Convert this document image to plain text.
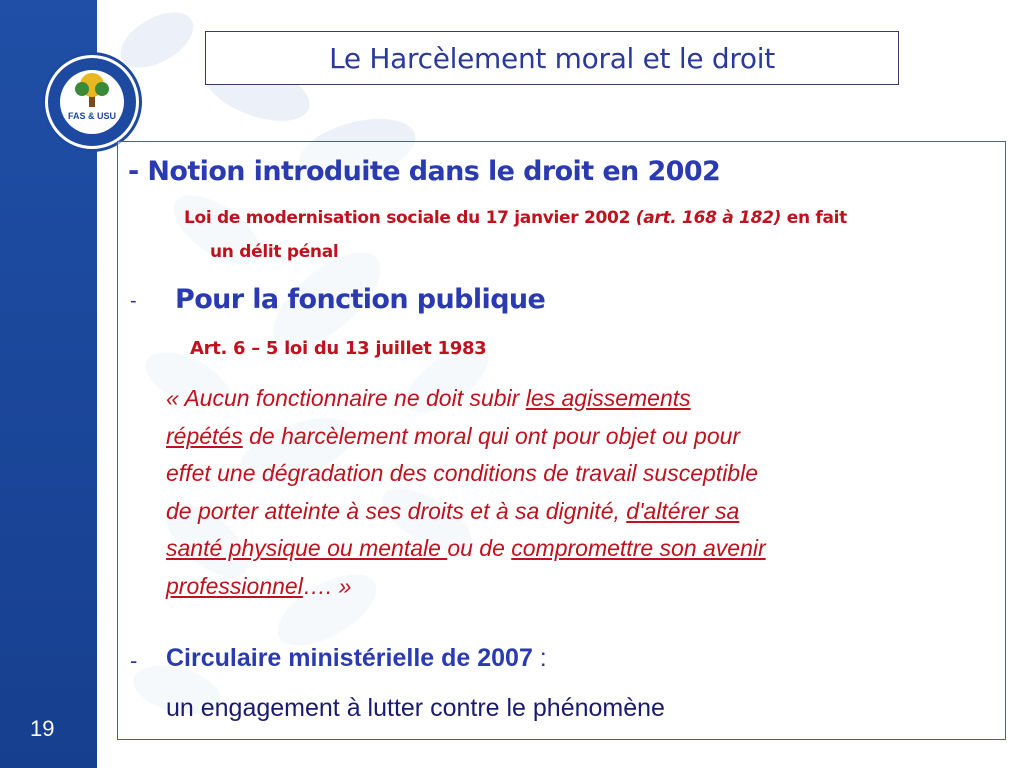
FAS & USU
Le Harcèlement moral et le droit
- Notion introduite dans le droit en 2002
Loi de modernisation sociale du 17 janvier 2002 (art. 168 à 182) en fait
un délit pénal
- Pour la fonction publique
Art. 6 – 5 loi du 13 juillet 1983
« Aucun fonctionnaire ne doit subir les agissements
répétés de harcèlement moral qui ont pour objet ou pour
effet une dégradation des conditions de travail susceptible
de porter atteinte à ses droits et à sa dignité, d'altérer sa
santé physique ou mentale ou de compromettre son avenir
professionnel…. »
- Circulaire ministérielle de 2007 :
un engagement à lutter contre le phénomène
19
